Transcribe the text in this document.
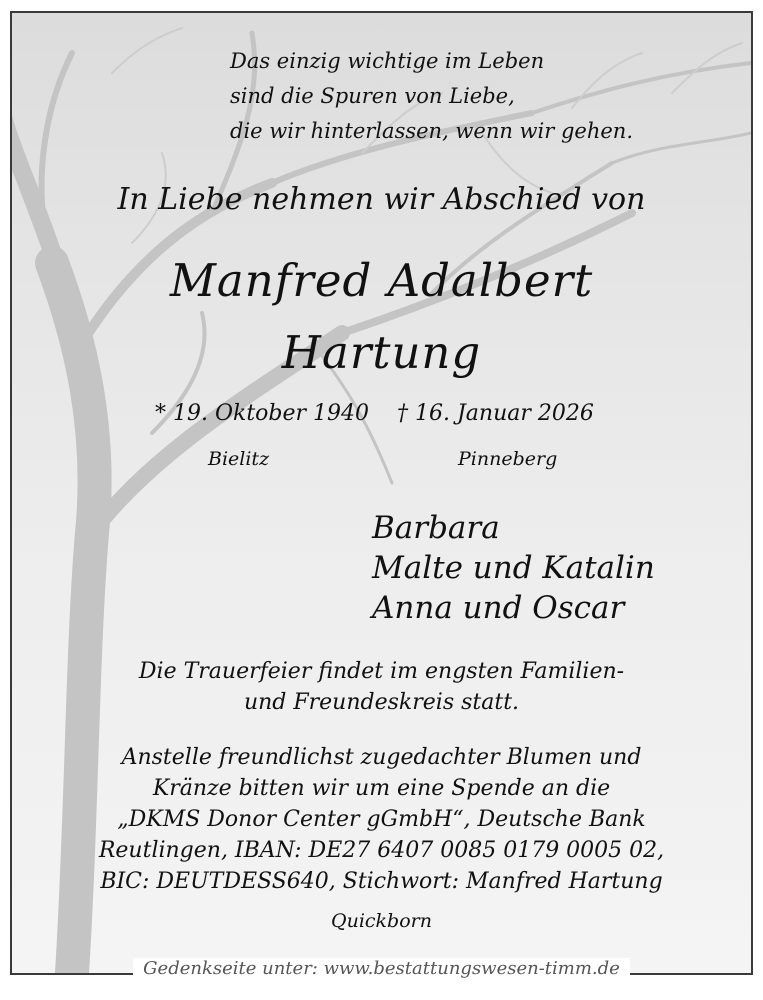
Das einzig wichtige im Leben
sind die Spuren von Liebe,
die wir hinterlassen, wenn wir gehen.
In Liebe nehmen wir Abschied von
Manfred Adalbert
Hartung
* 19. Oktober 1940 † 16. Januar 2026
Bielitz	Pinneberg
Barbara
Malte und Katalin
Anna und Oscar
Die Trauerfeier findet im engsten Familien-
und Freundeskreis statt.
Anstelle freundlichst zugedachter Blumen und
Kränze bitten wir um eine Spende an die
„DKMS Donor Center gGmbH“, Deutsche Bank
Reutlingen, IBAN: DE27 6407 0085 0179 0005 02,
BIC: DEUTDESS640, Stichwort: Manfred Hartung
Quickborn
Gedenkseite unter: www.bestattungswesen-timm.de
